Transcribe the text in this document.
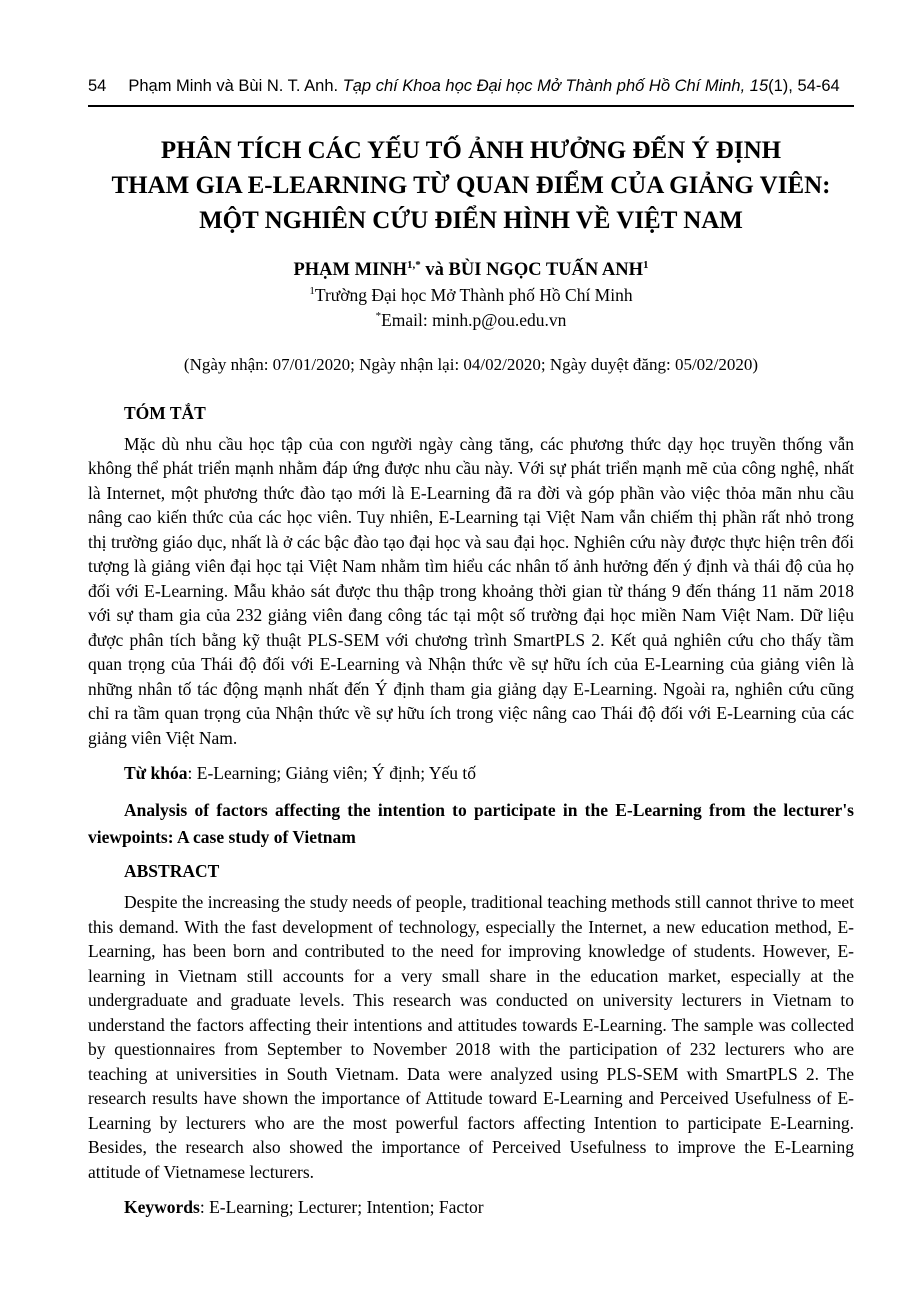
54 Phạm Minh và Bùi N. T. Anh. Tạp chí Khoa học Đại học Mở Thành phố Hồ Chí Minh, 15(1), 54-64
PHÂN TÍCH CÁC YẾU TỐ ẢNH HƯỞNG ĐẾN Ý ĐỊNH
THAM GIA E-LEARNING TỪ QUAN ĐIỂM CỦA GIẢNG VIÊN:
MỘT NGHIÊN CỨU ĐIỂN HÌNH VỀ VIỆT NAM
PHẠM $MINH^{1,*}$ và BÙI NGỌC TUẤN ANH$^1$
$^1$Trường Đại học Mở Thành phố Hồ Chí Minh
*Email: minh.p@ou.edu.vn
(Ngày nhận: 07/01/2020; Ngày nhận lại: 04/02/2020; Ngày duyệt đăng: 05/02/2020)
TÓM TẮT

Mặc dù nhu cầu học tập của con người ngày càng tăng, các phương thức dạy học truyền thống vẫn không thể phát triển mạnh nhằm đáp ứng được nhu cầu này. Với sự phát triển mạnh mẽ của công nghệ, nhất là Internet, một phương thức đào tạo mới là E-Learning đã ra đời và góp phần vào việc thỏa mãn nhu cầu nâng cao kiến thức của các học viên. Tuy nhiên, E-Learning tại Việt Nam vẫn chiếm thị phần rất nhỏ trong thị trường giáo dục, nhất là ở các bậc đào tạo đại học và sau đại học. Nghiên cứu này được thực hiện trên đối tượng là giảng viên đại học tại Việt Nam nhằm tìm hiểu các nhân tố ảnh hưởng đến ý định và thái độ của họ đối với E-Learning. Mẫu khảo sát được thu thập trong khoảng thời gian từ tháng 9 đến tháng 11 năm 2018 với sự tham gia của 232 giảng viên đang công tác tại một số trường đại học miền Nam Việt Nam. Dữ liệu được phân tích bằng kỹ thuật PLS-SEM với chương trình SmartPLS 2. Kết quả nghiên cứu cho thấy tầm quan trọng của Thái độ đối với E-Learning và Nhận thức về sự hữu ích của E-Learning của giảng viên là những nhân tố tác động mạnh nhất đến Ý định tham gia giảng dạy E-Learning. Ngoài ra, nghiên cứu cũng chỉ ra tầm quan trọng của Nhận thức về sự hữu ích trong việc nâng cao Thái độ đối với E-Learning của các giảng viên Việt Nam.

Từ khóa: E-Learning; Giảng viên; Ý định; Yếu tố
Analysis of factors affecting the intention to participate in the E-Learning from the lecturer's viewpoints: A case study of Vietnam
ABSTRACT

Despite the increasing the study needs of people, traditional teaching methods still cannot thrive to meet this demand. With the fast development of technology, especially the Internet, a new education method, E-Learning, has been born and contributed to the need for improving knowledge of students. However, E-learning in Vietnam still accounts for a very small share in the education market, especially at the undergraduate and graduate levels. This research was conducted on university lecturers in Vietnam to understand the factors affecting their intentions and attitudes towards E-Learning. The sample was collected by questionnaires from September to November 2018 with the participation of 232 lecturers who are teaching at universities in South Vietnam. Data were analyzed using PLS-SEM with SmartPLS 2. The research results have shown the importance of Attitude toward E-Learning and Perceived Usefulness of E-Learning by lecturers who are the most powerful factors affecting Intention to participate E-Learning. Besides, the research also showed the importance of Perceived Usefulness to improve the E-Learning attitude of Vietnamese lecturers.

Keywords: E-Learning; Lecturer; Intention; Factor
